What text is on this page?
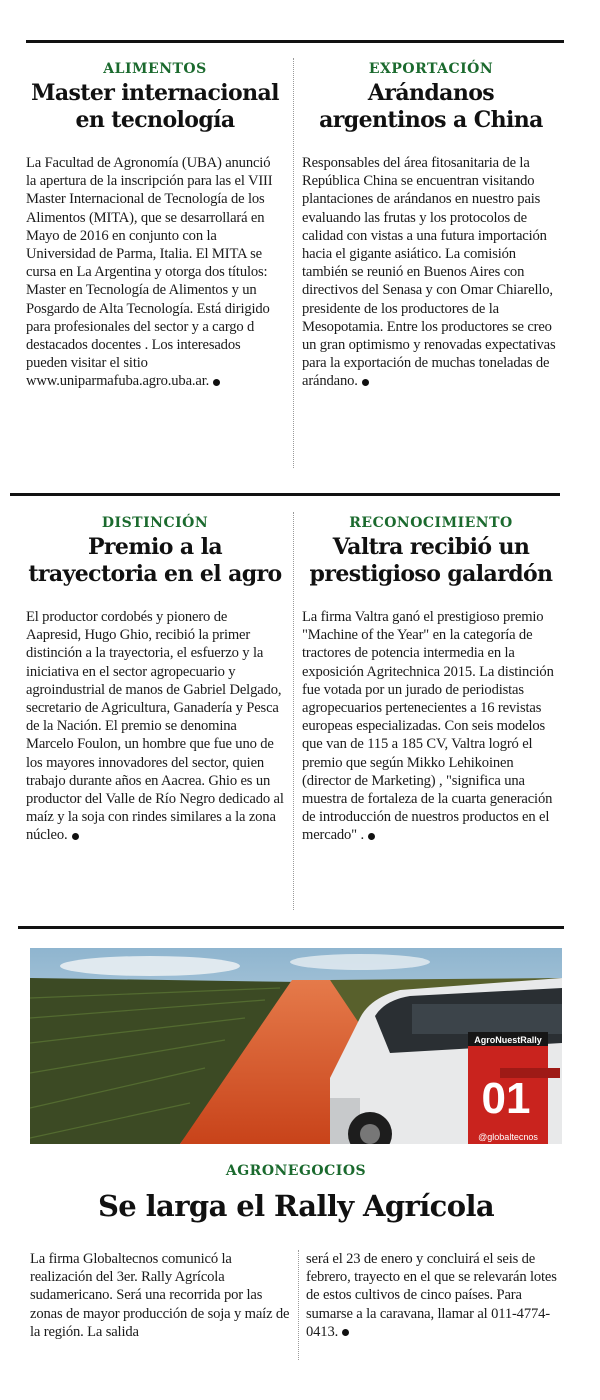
ALIMENTOS
Master internacional en tecnología
La Facultad de Agronomía (UBA) anunció la apertura de la inscripción para las el VIII Master Internacional de Tecnología de los Alimentos (MITA), que se desarrollará en Mayo de 2016 en conjunto con la Universidad de Parma, Italia. El MITA se cursa en La Argentina y otorga dos títulos: Master en Tecnología de Alimentos y un Posgardo de Alta Tecnología. Está dirigido para profesionales del sector y a cargo d destacados docentes . Los interesados pueden visitar el sitio www.uniparmafuba.agro.uba.ar.
EXPORTACIÓN
Arándanos argentinos a China
Responsables del área fitosanitaria de la República China se encuentran visitando plantaciones de arándanos en nuestro pais evaluando las frutas y los protocolos de calidad con vistas a una futura importación hacia el gigante asiático. La comisión también se reunió en Buenos Aires con directivos del Senasa y con Omar Chiarello, presidente de los productores de la Mesopotamia. Entre los productores se creo un gran optimismo y renovadas expectativas para la exportación de muchas toneladas de arándano.
DISTINCIÓN
Premio a la trayectoria en el agro
El productor cordobés y pionero de Aapresid, Hugo Ghio, recibió la primer distinción a la trayectoria, el esfuerzo y la iniciativa en el sector agropecuario y agroindustrial de manos de Gabriel Delgado, secretario de Agricultura, Ganadería y Pesca de la Nación. El premio se denomina Marcelo Foulon, un hombre que fue uno de los mayores innovadores del sector, quien trabajo durante años en Aacrea. Ghio es un productor del Valle de Río Negro dedicado al maíz y la soja con rindes similares a la zona núcleo.
RECONOCIMIENTO
Valtra recibió un prestigioso galardón
La firma Valtra ganó el prestigioso premio "Machine of the Year" en la categoría de tractores de potencia intermedia en la exposición Agritechnica 2015. La distinción fue votada por un jurado de periodistas agropecuarios pertenecientes a 16 revistas europeas especializadas. Con seis modelos que van de 115 a 185 CV, Valtra logró el premio que según Mikko Lehikoinen (director de Marketing) , "significa una muestra de fortaleza de la cuarta generación de introducción de nuestros productos en el mercado" .
AgroNuestRally
01
@globaltecnos
AGRONEGOCIOS
Se larga el Rally Agrícola
La firma Globaltecnos comunicó la realización del 3er. Rally Agrícola sudamericano. Será una recorrida por las zonas de mayor producción de soja y maíz de la región. La salida
será el 23 de enero y concluirá el seis de febrero, trayecto en el que se relevarán lotes de estos cultivos de cinco países. Para sumarse a la caravana, llamar al 011-4774-0413.
